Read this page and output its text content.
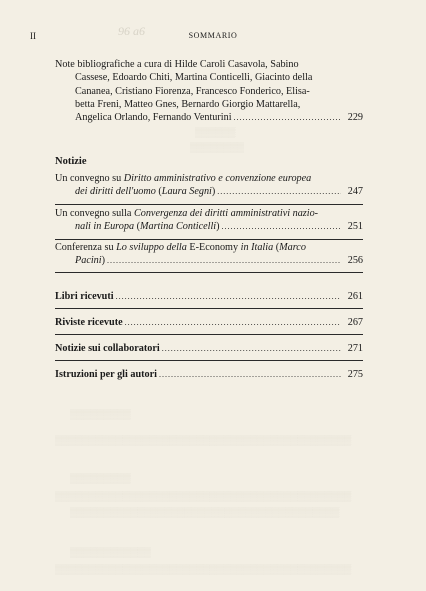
▒▒▒▒▒▒
▒▒▒▒▒▒▒▒
▒▒▒▒▒▒▒▒▒
▒▒▒▒▒▒▒▒▒▒▒▒▒▒▒▒▒▒▒▒▒▒▒▒▒▒▒▒▒▒▒▒▒▒▒▒▒▒▒▒▒▒▒▒
▒▒▒▒▒▒▒▒▒
▒▒▒▒▒▒▒▒▒▒▒▒▒▒▒▒▒▒▒▒▒▒▒▒▒▒▒▒▒▒▒▒▒▒▒▒▒▒▒▒▒▒▒▒
▒▒▒▒▒▒▒▒▒▒▒▒▒▒▒▒▒▒▒▒▒▒▒▒▒▒▒▒▒▒▒▒▒▒▒▒▒▒▒▒
▒▒▒▒▒▒▒▒▒▒▒▒
▒▒▒▒▒▒▒▒▒▒▒▒▒▒▒▒▒▒▒▒▒▒▒▒▒▒▒▒▒▒▒▒▒▒▒▒▒▒▒▒▒▒▒▒
II	96 a6	SOMMARIO

Note bibliografiche a cura di Hilde Caroli Casavola, Sabino

Cassese, Edoardo Chiti, Martina Conticelli, Giacinto della

Cananea, Cristiano Fiorenza, Francesco Fonderico, Elisa-

betta Freni, Matteo Gnes, Bernardo Giorgio Mattarella,

Angelica Orlando, Fernando Venturini .....	229
Notizie

Un convegno su Diritto amministrativo e convenzione europea

dei diritti dell'uomo (Laura Segni) .....	247

Un convegno sulla Convergenza dei diritti amministrativi nazio-

nali in Europa (Martina Conticelli) .....	251

Conferenza su Lo sviluppo della E-Economy in Italia (Marco

Pacini) .....	256
Libri ricevuti .....	261
Riviste ricevute .....	267
Notizie sui collaboratori .....	271
Istruzioni per gli autori .....	275
